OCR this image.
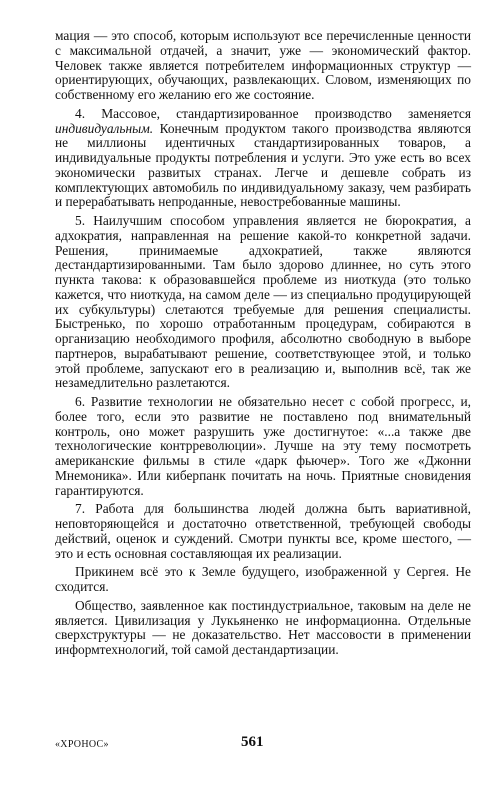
мация — это способ, которым используют все перечисленные ценности с максимальной отдачей, а значит, уже — экономический фактор. Человек также является потребителем информационных структур — ориентирующих, обучающих, развлекающих. Словом, изменяющих по собственному его желанию его же состояние.

4. Массовое, стандартизированное производство заменяется индивидуальным. Конечным продуктом такого производства являются не миллионы идентичных стандартизированных товаров, а индивидуальные продукты потребления и услуги. Это уже есть во всех экономически развитых странах. Легче и дешевле собрать из комплектующих автомобиль по индивидуальному заказу, чем разбирать и перерабатывать непроданные, невостребованные машины.

5. Наилучшим способом управления является не бюрократия, а адхократия, направленная на решение какой-то конкретной задачи. Решения, принимаемые адхократией, также являются дестандартизированными. Там было здорово длиннее, но суть этого пункта такова: к образовавшейся проблеме из ниоткуда (это только кажется, что ниоткуда, на самом деле — из специально продуцирующей их субкультуры) слетаются требуемые для решения специалисты. Быстренько, по хорошо отработанным процедурам, собираются в организацию необходимого профиля, абсолютно свободную в выборе партнеров, вырабатывают решение, соответствующее этой, и только этой проблеме, запускают его в реализацию и, выполнив всё, так же незамедлительно разлетаются.

6. Развитие технологии не обязательно несет с собой прогресс, и, более того, если это развитие не поставлено под внимательный контроль, оно может разрушить уже достигнутое: «...а также две технологические контрреволюции». Лучше на эту тему посмотреть американские фильмы в стиле «дарк фьючер». Того же «Джонни Мнемоника». Или киберпанк почитать на ночь. Приятные сновидения гарантируются.

7. Работа для большинства людей должна быть вариативной, неповторяющейся и достаточно ответственной, требующей свободы действий, оценок и суждений. Смотри пункты все, кроме шестого, — это и есть основная составляющая их реализации.

Прикинем всё это к Земле будущего, изображенной у Сергея. Не сходится.

Общество, заявленное как постиндустриальное, таковым на деле не является. Цивилизация у Лукьяненко не информационна. Отдельные сверхструктуры — не доказательство. Нет массовости в применении информтехнологий, той самой дестандартизации.

«ХРОНОС»	561
